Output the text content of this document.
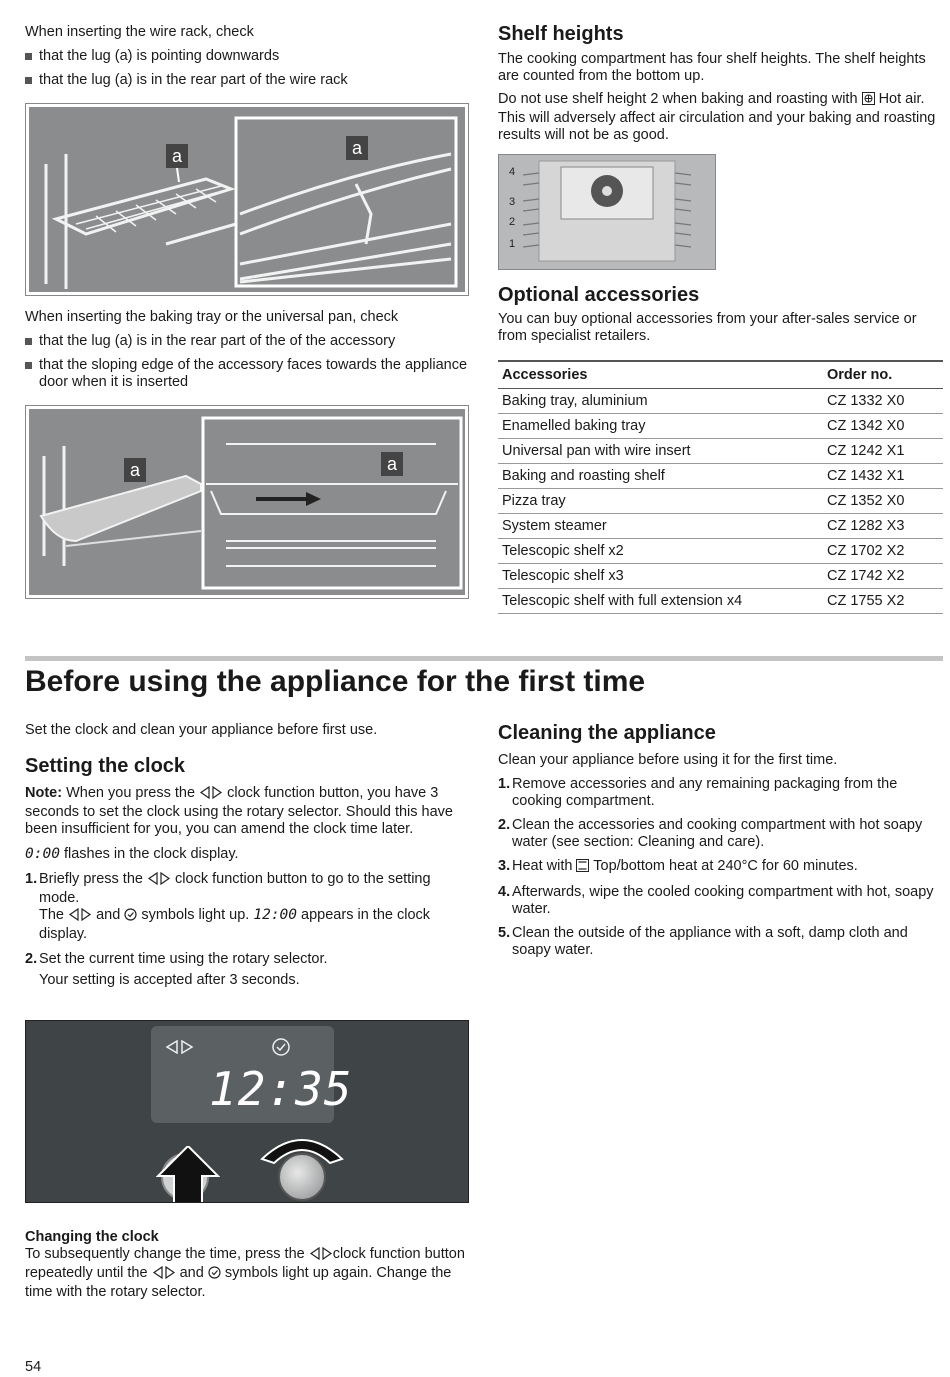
When inserting the wire rack, check

that the lug (a) is pointing downwards
that the lug (a) is in the rear part of the wire rack
a	a

When inserting the baking tray or the universal pan, check

that the lug (a) is in the rear part of the of the accessory
that the sloping edge of the accessory faces towards the appliance door when it is inserted
a	a
Shelf heights

The cooking compartment has four shelf heights. The shelf heights are counted from the bottom up.

Do not use shelf height 2 when baking and roasting with Hot air. This will adversely affect air circulation and your baking and roasting results will not be as good.

4
3
2
1
Optional accessories

You can buy optional accessories from your after-sales service or from specialist retailers.

Accessories	Order no.
Baking tray, aluminium	CZ 1332 X0
Enamelled baking tray	CZ 1342 X0
Universal pan with wire insert	CZ 1242 X1
Baking and roasting shelf	CZ 1432 X1
Pizza tray	CZ 1352 X0
System steamer	CZ 1282 X3
Telescopic shelf x2	CZ 1702 X2
Telescopic shelf x3	CZ 1742 X2
Telescopic shelf with full extension x4	CZ 1755 X2
Before using the appliance for the first time

Set the clock and clean your appliance before first use.

Setting the clock

Note: When you press the clock function button, you have 3 seconds to set the clock using the rotary selector. Should this have been insufficient for you, you can amend the clock time later.

0:00 flashes in the clock display.

1. Briefly press the clock function button to go to the setting mode.
The and symbols light up. 12:00 appears in the clock display.
2. Set the current time using the rotary selector.
Your setting is accepted after 3 seconds.
12:35

Changing the clock

To subsequently change the time, press the clock function button repeatedly until the and symbols light up again. Change the time with the rotary selector.

Cleaning the appliance

Clean your appliance before using it for the first time.

1. Remove accessories and any remaining packaging from the cooking compartment.
2. Clean the accessories and cooking compartment with hot soapy water (see section: Cleaning and care).
3. Heat with Top/bottom heat at 240°C for 60 minutes.
4. Afterwards, wipe the cooled cooking compartment with hot, soapy water.
5. Clean the outside of the appliance with a soft, damp cloth and soapy water.
54
